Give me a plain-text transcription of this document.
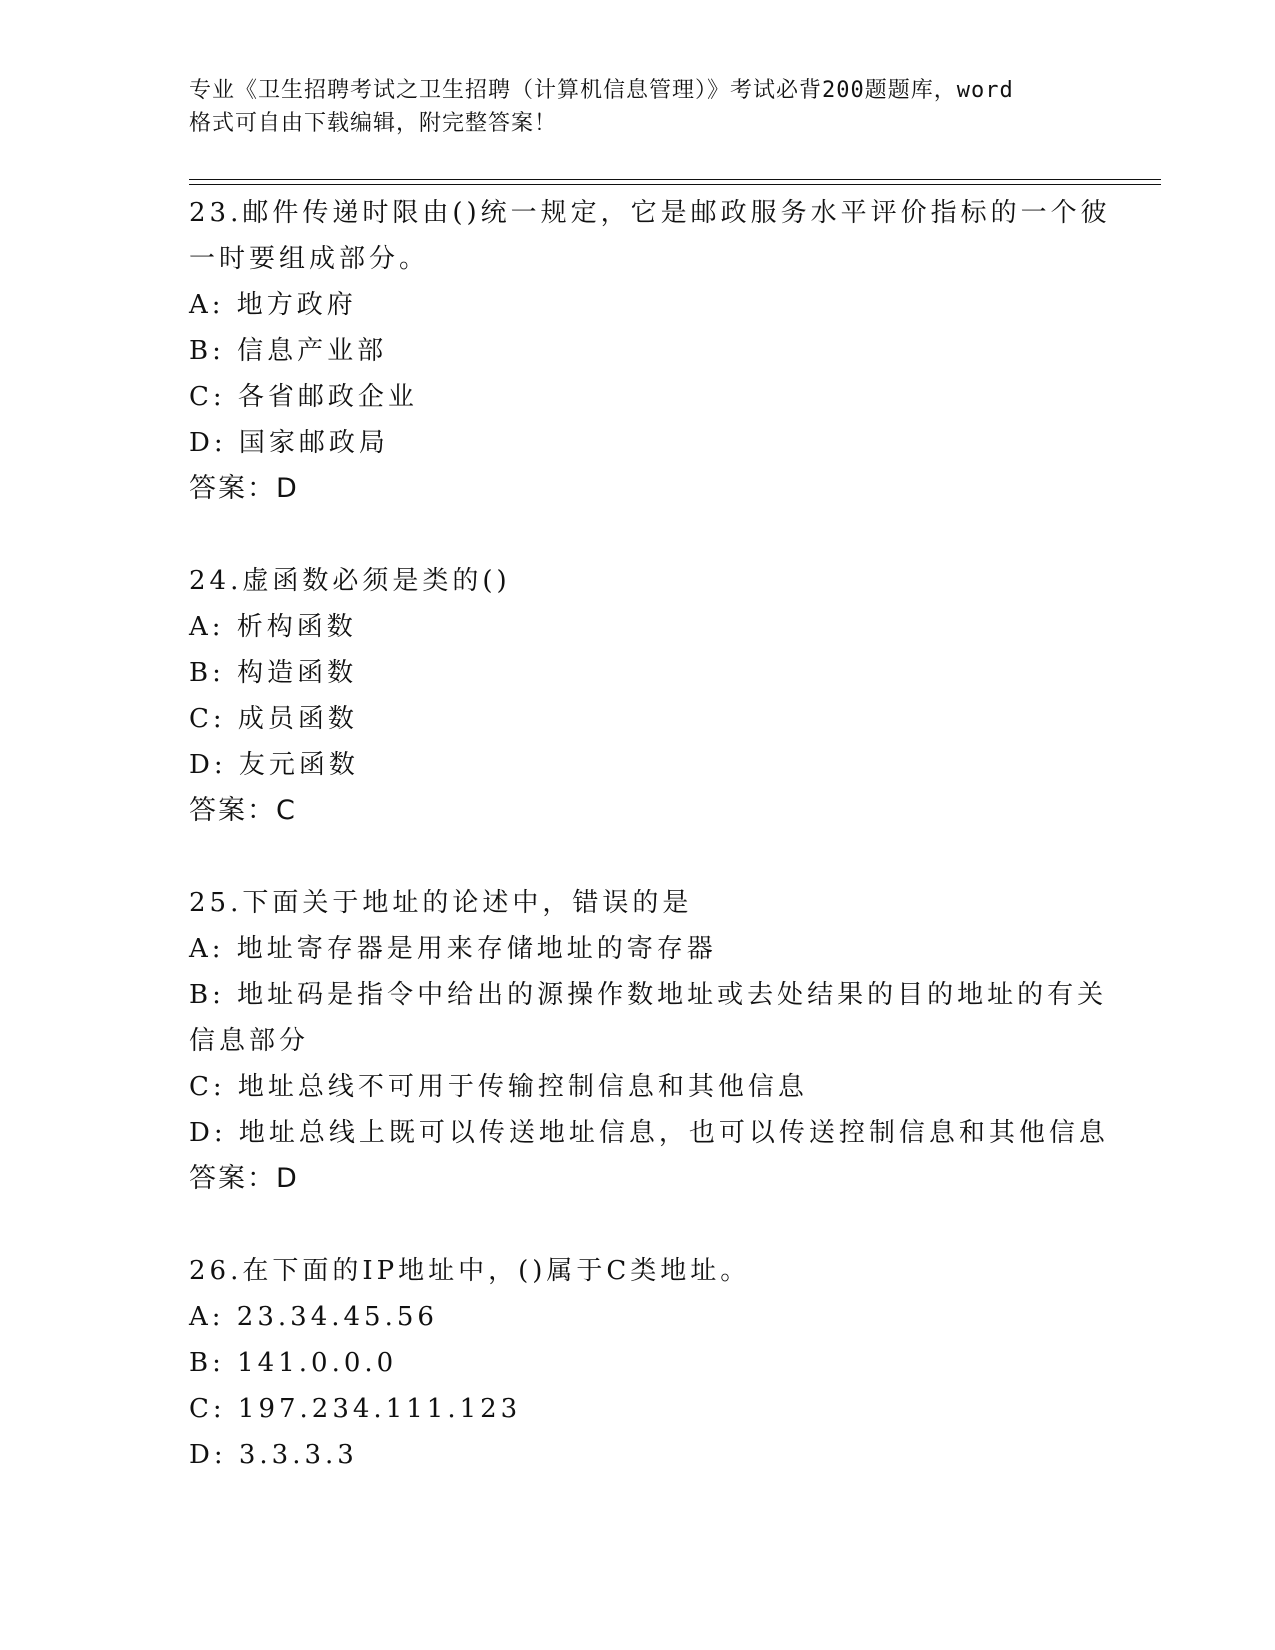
专业《卫生招聘考试之卫生招聘（计算机信息管理）》考试必背200题题库，word
格式可自由下载编辑，附完整答案！
23.邮件传递时限由()统一规定，它是邮政服务水平评价指标的一个彼
一时要组成部分。
A: 地方政府
B: 信息产业部
C: 各省邮政企业
D: 国家邮政局
答案：D
24.虚函数必须是类的()
A: 析构函数
B: 构造函数
C: 成员函数
D: 友元函数
答案：C
25.下面关于地址的论述中，错误的是
A: 地址寄存器是用来存储地址的寄存器
B: 地址码是指令中给出的源操作数地址或去处结果的目的地址的有关
信息部分
C: 地址总线不可用于传输控制信息和其他信息
D: 地址总线上既可以传送地址信息，也可以传送控制信息和其他信息
答案：D
26.在下面的IP地址中，()属于C类地址。
A: 23.34.45.56
B: 141.0.0.0
C: 197.234.111.123
D: 3.3.3.3
